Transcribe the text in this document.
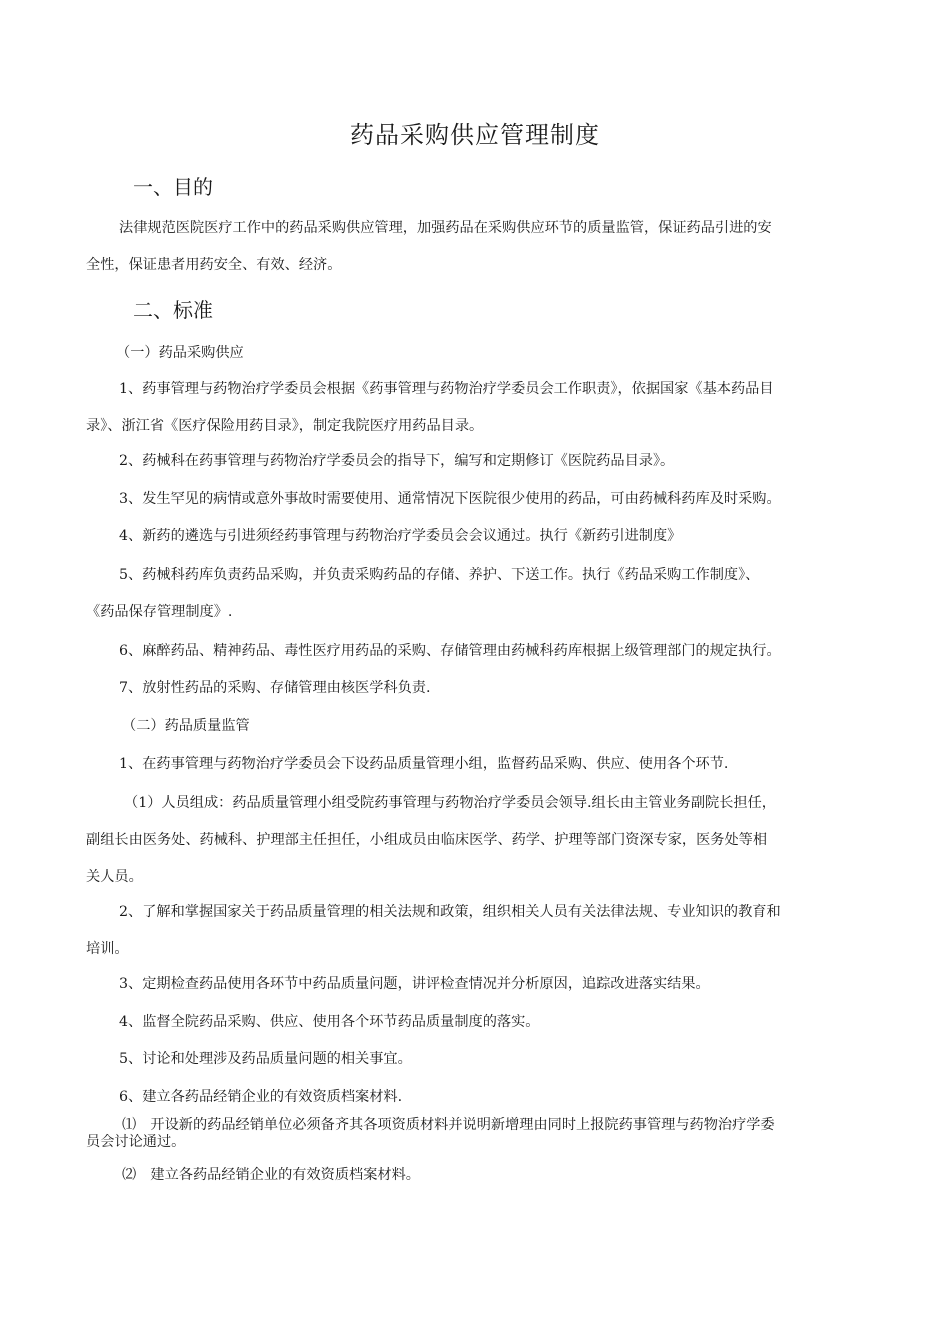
药品采购供应管理制度
一、目的
法律规范医院医疗工作中的药品采购供应管理，加强药品在采购供应环节的质量监管，保证药品引进的安
全性，保证患者用药安全、有效、经济。
二、标准
（一）药品采购供应
1、药事管理与药物治疗学委员会根据《药事管理与药物治疗学委员会工作职责》，依据国家《基本药品目
录》、浙江省《医疗保险用药目录》，制定我院医疗用药品目录。
2、药械科在药事管理与药物治疗学委员会的指导下，编写和定期修订《医院药品目录》。
3、发生罕见的病情或意外事故时需要使用、通常情况下医院很少使用的药品，可由药械科药库及时采购。
4、新药的遴选与引进须经药事管理与药物治疗学委员会会议通过。执行《新药引进制度》
5、药械科药库负责药品采购，并负责采购药品的存储、养护、下送工作。执行《药品采购工作制度》、
《药品保存管理制度》.
6、麻醉药品、精神药品、毒性医疗用药品的采购、存储管理由药械科药库根据上级管理部门的规定执行。
7、放射性药品的采购、存储管理由核医学科负责.
（二）药品质量监管
1、在药事管理与药物治疗学委员会下设药品质量管理小组，监督药品采购、供应、使用各个环节.
（1）人员组成：药品质量管理小组受院药事管理与药物治疗学委员会领导.组长由主管业务副院长担任，
副组长由医务处、药械科、护理部主任担任，小组成员由临床医学、药学、护理等部门资深专家，医务处等相
关人员。
2、了解和掌握国家关于药品质量管理的相关法规和政策，组织相关人员有关法律法规、专业知识的教育和
培训。
3、定期检查药品使用各环节中药品质量问题，讲评检查情况并分析原因，追踪改进落实结果。
4、监督全院药品采购、供应、使用各个环节药品质量制度的落实。
5、讨论和处理涉及药品质量问题的相关事宜。
6、建立各药品经销企业的有效资质档案材料.
⑴　开设新的药品经销单位必须备齐其各项资质材料并说明新增理由同时上报院药事管理与药物治疗学委
员会讨论通过。
⑵　建立各药品经销企业的有效资质档案材料。
